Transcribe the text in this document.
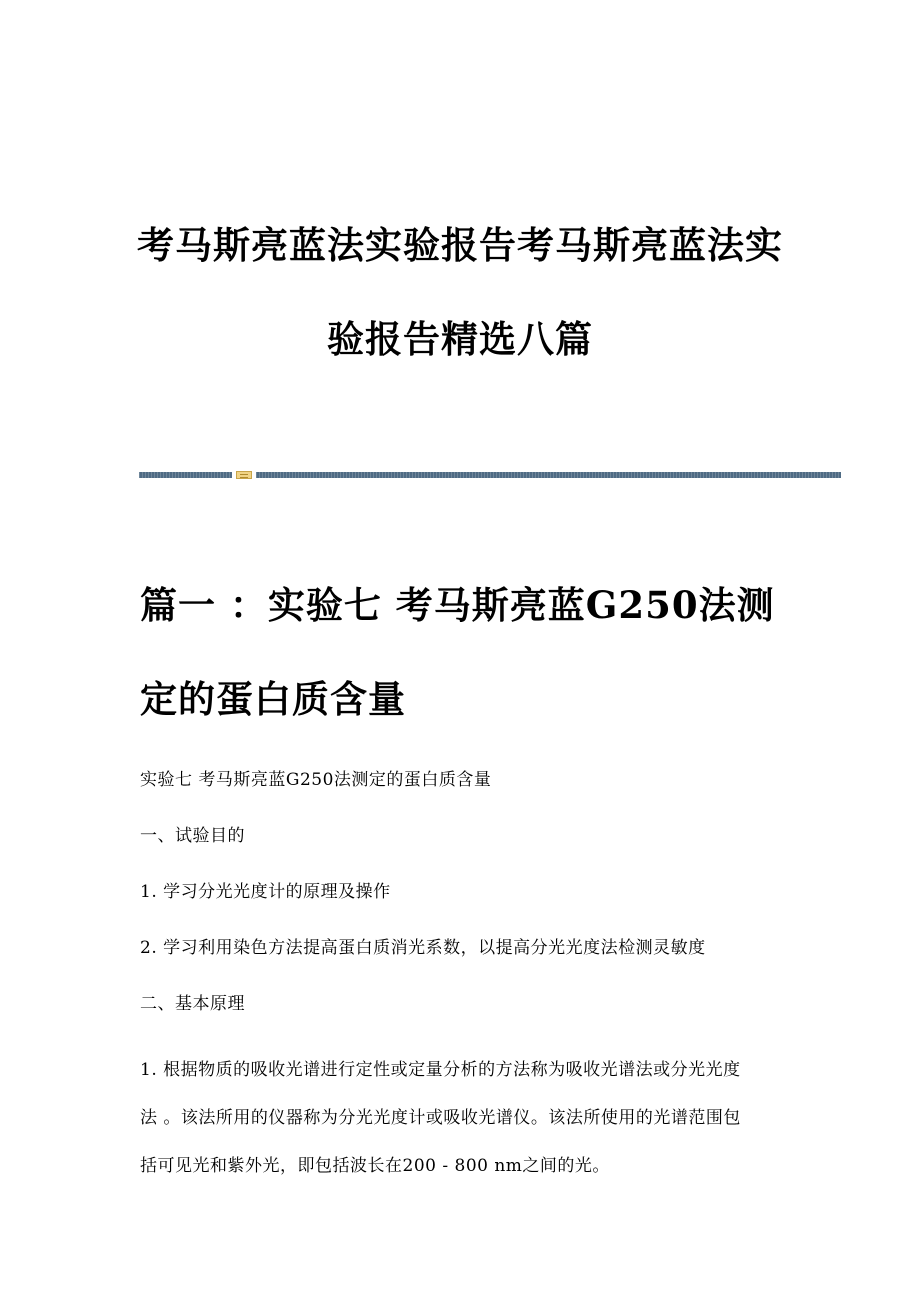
考马斯亮蓝法实验报告考马斯亮蓝法实
验报告精选八篇
篇一 ：实验七 考马斯亮蓝G250法测
定的蛋白质含量
实验七 考马斯亮蓝G250法测定的蛋白质含量
一、试验目的
1. 学习分光光度计的原理及操作
2. 学习利用染色方法提高蛋白质消光系数，以提高分光光度法检测灵敏度
二、基本原理
1. 根据物质的吸收光谱进行定性或定量分析的方法称为吸收光谱法或分光光度
法 。该法所用的仪器称为分光光度计或吸收光谱仪。该法所使用的光谱范围包
括可见光和紫外光，即包括波长在200 - 800 nm之间的光。
